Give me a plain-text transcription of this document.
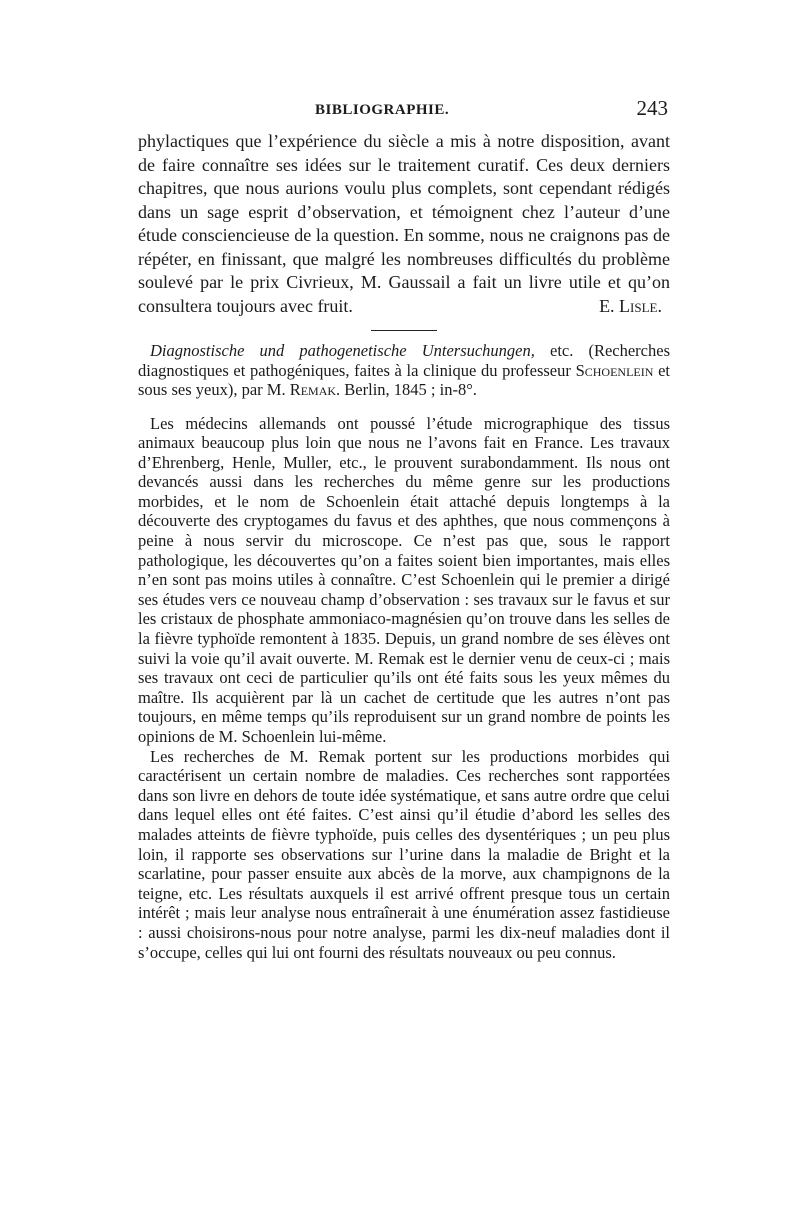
BIBLIOGRAPHIE.	243

phylactiques que l’expérience du siècle a mis à notre disposition, avant de faire connaître ses idées sur le traitement curatif. Ces deux derniers chapitres, que nous aurions voulu plus complets, sont cependant rédigés dans un sage esprit d’observation, et témoignent chez l’auteur d’une étude consciencieuse de la question. En somme, nous ne craignons pas de répéter, en finissant, que malgré les nombreuses difficultés du problème soulevé par le prix Civrieux, M. Gaussail a fait un livre utile et qu’on consultera toujours avec fruit.	E. Lisle.

Diagnostische und pathogenetische Untersuchungen, etc. (Recherches diagnostiques et pathogéniques, faites à la clinique du professeur Schoenlein et sous ses yeux), par M. Remak. Berlin, 1845 ; in-8°.

Les médecins allemands ont poussé l’étude micrographique des tissus animaux beaucoup plus loin que nous ne l’avons fait en France. Les travaux d’Ehrenberg, Henle, Muller, etc., le prouvent surabondamment. Ils nous ont devancés aussi dans les recherches du même genre sur les productions morbides, et le nom de Schoenlein était attaché depuis longtemps à la découverte des cryptogames du favus et des aphthes, que nous commençons à peine à nous servir du microscope. Ce n’est pas que, sous le rapport pathologique, les découvertes qu’on a faites soient bien importantes, mais elles n’en sont pas moins utiles à connaître. C’est Schoenlein qui le premier a dirigé ses études vers ce nouveau champ d’observation : ses travaux sur le favus et sur les cristaux de phosphate ammoniaco-magnésien qu’on trouve dans les selles de la fièvre typhoïde remontent à 1835. Depuis, un grand nombre de ses élèves ont suivi la voie qu’il avait ouverte. M. Remak est le dernier venu de ceux-ci ; mais ses travaux ont ceci de particulier qu’ils ont été faits sous les yeux mêmes du maître. Ils acquièrent par là un cachet de certitude que les autres n’ont pas toujours, en même temps qu’ils reproduisent sur un grand nombre de points les opinions de M. Schoenlein lui-même.

Les recherches de M. Remak portent sur les productions morbides qui caractérisent un certain nombre de maladies. Ces recherches sont rapportées dans son livre en dehors de toute idée systématique, et sans autre ordre que celui dans lequel elles ont été faites. C’est ainsi qu’il étudie d’abord les selles des malades atteints de fièvre typhoïde, puis celles des dysentériques ; un peu plus loin, il rapporte ses observations sur l’urine dans la maladie de Bright et la scarlatine, pour passer ensuite aux abcès de la morve, aux champignons de la teigne, etc. Les résultats auxquels il est arrivé offrent presque tous un certain intérêt ; mais leur analyse nous entraînerait à une énumération assez fastidieuse : aussi choisirons-nous pour notre analyse, parmi les dix-neuf maladies dont il s’occupe, celles qui lui ont fourni des résultats nouveaux ou peu connus.
